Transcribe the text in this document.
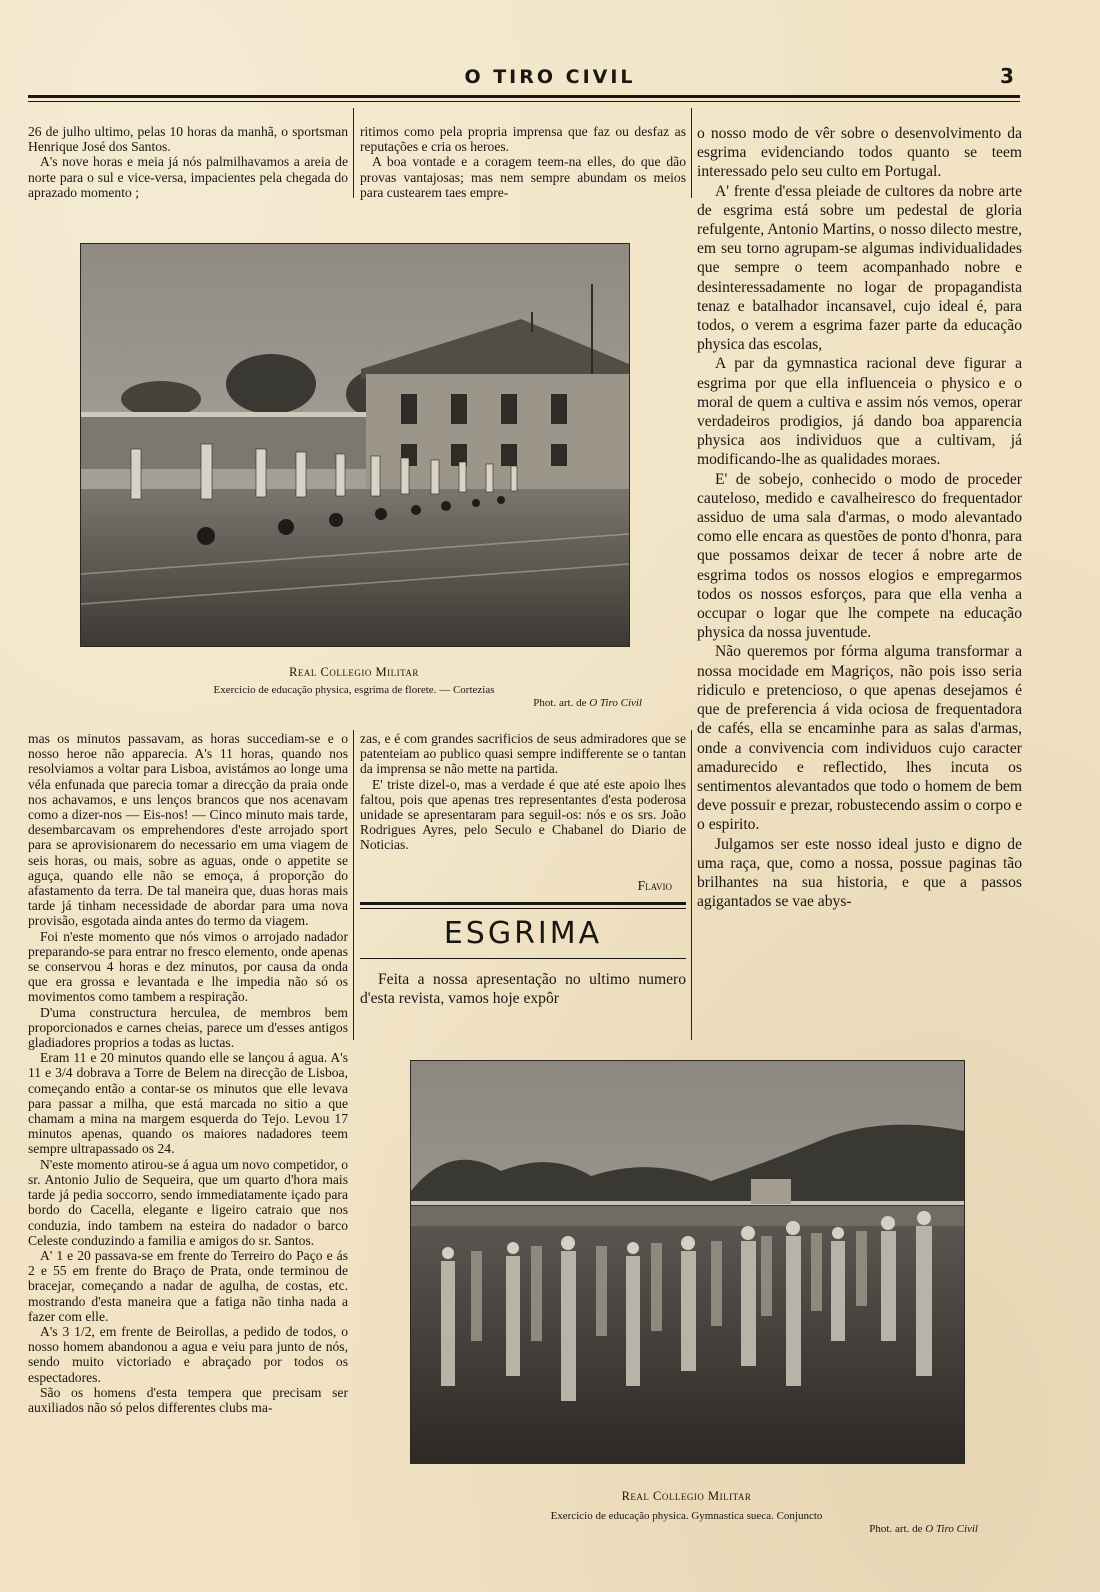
O TIRO CIVIL	3

26 de julho ultimo, pelas 10 horas da manhã, o sportsman Henrique José dos Santos.

A's nove horas e meia já nós palmilhavamos a areia de norte para o sul e vice-versa, impacientes pela chegada do aprazado momento ;

ritimos como pela propria imprensa que faz ou desfaz as reputações e cria os heroes.

A boa vontade e a coragem teem-na elles, do que dão provas vantajosas; mas nem sempre abundam os meios para custearem taes empre-

o nosso modo de vêr sobre o desenvolvimento da esgrima evidenciando todos quanto se teem interessado pelo seu culto em Portugal.

A' frente d'essa pleiade de cultores da nobre arte de esgrima está sobre um pedestal de gloria refulgente, Antonio Martins, o nosso dilecto mestre, em seu torno agrupam-se algumas individualidades que sempre o teem acompanhado nobre e desinteressadamente no logar de propagandista tenaz e batalhador incansavel, cujo ideal é, para todos, o verem a esgrima fazer parte da educação physica das escolas,

A par da gymnastica racional deve figurar a esgrima por que ella influenceia o physico e o moral de quem a cultiva e assim nós vemos, operar verdadeiros prodigios, já dando boa apparencia physica aos individuos que a cultivam, já modificando-lhe as qualidades moraes.

E' de sobejo, conhecido o modo de proceder cauteloso, medido e cavalheiresco do frequentador assiduo de uma sala d'armas, o modo alevantado como elle encara as questões de ponto d'honra, para que possamos deixar de tecer á nobre arte de esgrima todos os nossos elogios e empregarmos todos os nossos esforços, para que ella venha a occupar o logar que lhe compete na educação physica da nossa juventude.

Não queremos por fórma alguma transformar a nossa mocidade em Magriços, não pois isso seria ridiculo e pretencioso, o que apenas desejamos é que de preferencia á vida ociosa de frequentadora de cafés, ella se encaminhe para as salas d'armas, onde a convivencia com individuos cujo caracter amadurecido e reflectido, lhes incuta os sentimentos alevantados que todo o homem de bem deve possuir e prezar, robustecendo assim o corpo e o espirito.

Julgamos ser este nosso ideal justo e digno de uma raça, que, como a nossa, possue paginas tão brilhantes na sua historia, e que a passos agigantados se vae abys-

Real Collegio Militar
Exercicio de educação physica, esgrima de florete. — Cortezias
Phot. art. de O Tiro Civil

mas os minutos passavam, as horas succediam-se e o nosso heroe não apparecia. A's 11 horas, quando nos resolviamos a voltar para Lisboa, avistámos ao longe uma véla enfunada que parecia tomar a direcção da praia onde nos achavamos, e uns lenços brancos que nos acenavam como a dizer-nos — Eis-nos! — Cinco minuto mais tarde, desembarcavam os emprehendores d'este arrojado sport para se aprovisionarem do necessario em uma viagem de seis horas, ou mais, sobre as aguas, onde o appetite se aguça, quando elle não se emoça, á proporção do afastamento da terra. De tal maneira que, duas horas mais tarde já tinham necessidade de abordar para uma nova provisão, esgotada ainda antes do termo da viagem.

Foi n'este momento que nós vimos o arrojado nadador preparando-se para entrar no fresco elemento, onde apenas se conservou 4 horas e dez minutos, por causa da onda que era grossa e levantada e lhe impedia não só os movimentos como tambem a respiração.

D'uma constructura herculea, de membros bem proporcionados e carnes cheias, parece um d'esses antigos gladiadores proprios a todas as luctas.

Eram 11 e 20 minutos quando elle se lançou á agua. A's 11 e 3/4 dobrava a Torre de Belem na direcção de Lisboa, começando então a contar-se os minutos que elle levava para passar a milha, que está marcada no sitio a que chamam a mina na margem esquerda do Tejo. Levou 17 minutos apenas, quando os maiores nadadores teem sempre ultrapassado os 24.

N'este momento atirou-se á agua um novo competidor, o sr. Antonio Julio de Sequeira, que um quarto d'hora mais tarde já pedia soccorro, sendo immediatamente içado para bordo do Cacella, elegante e ligeiro catraio que nos conduzia, indo tambem na esteira do nadador o barco Celeste conduzindo a familia e amigos do sr. Santos.

A' 1 e 20 passava-se em frente do Terreiro do Paço e ás 2 e 55 em frente do Braço de Prata, onde terminou de bracejar, começando a nadar de agulha, de costas, etc. mostrando d'esta maneira que a fatiga não tinha nada a fazer com elle.

A's 3 1/2, em frente de Beirollas, a pedido de todos, o nosso homem abandonou a agua e veiu para junto de nós, sendo muito victoriado e abraçado por todos os espectadores.

São os homens d'esta tempera que precisam ser auxiliados não só pelos differentes clubs ma-

zas, e é com grandes sacrificios de seus admiradores que se patenteiam ao publico quasi sempre indifferente se o tantan da imprensa se não mette na partida.

E' triste dizel-o, mas a verdade é que até este apoio lhes faltou, pois que apenas tres representantes d'esta poderosa unidade se apresentaram para seguil-os: nós e os srs. João Rodrigues Ayres, pelo Seculo e Chabanel do Diario de Noticias.

Flavio
ESGRIMA

Feita a nossa apresentação no ultimo numero d'esta revista, vamos hoje expôr

Real Collegio Militar
Exercicio de educação physica. Gymnastica sueca. Conjuncto
Phot. art. de O Tiro Civil
